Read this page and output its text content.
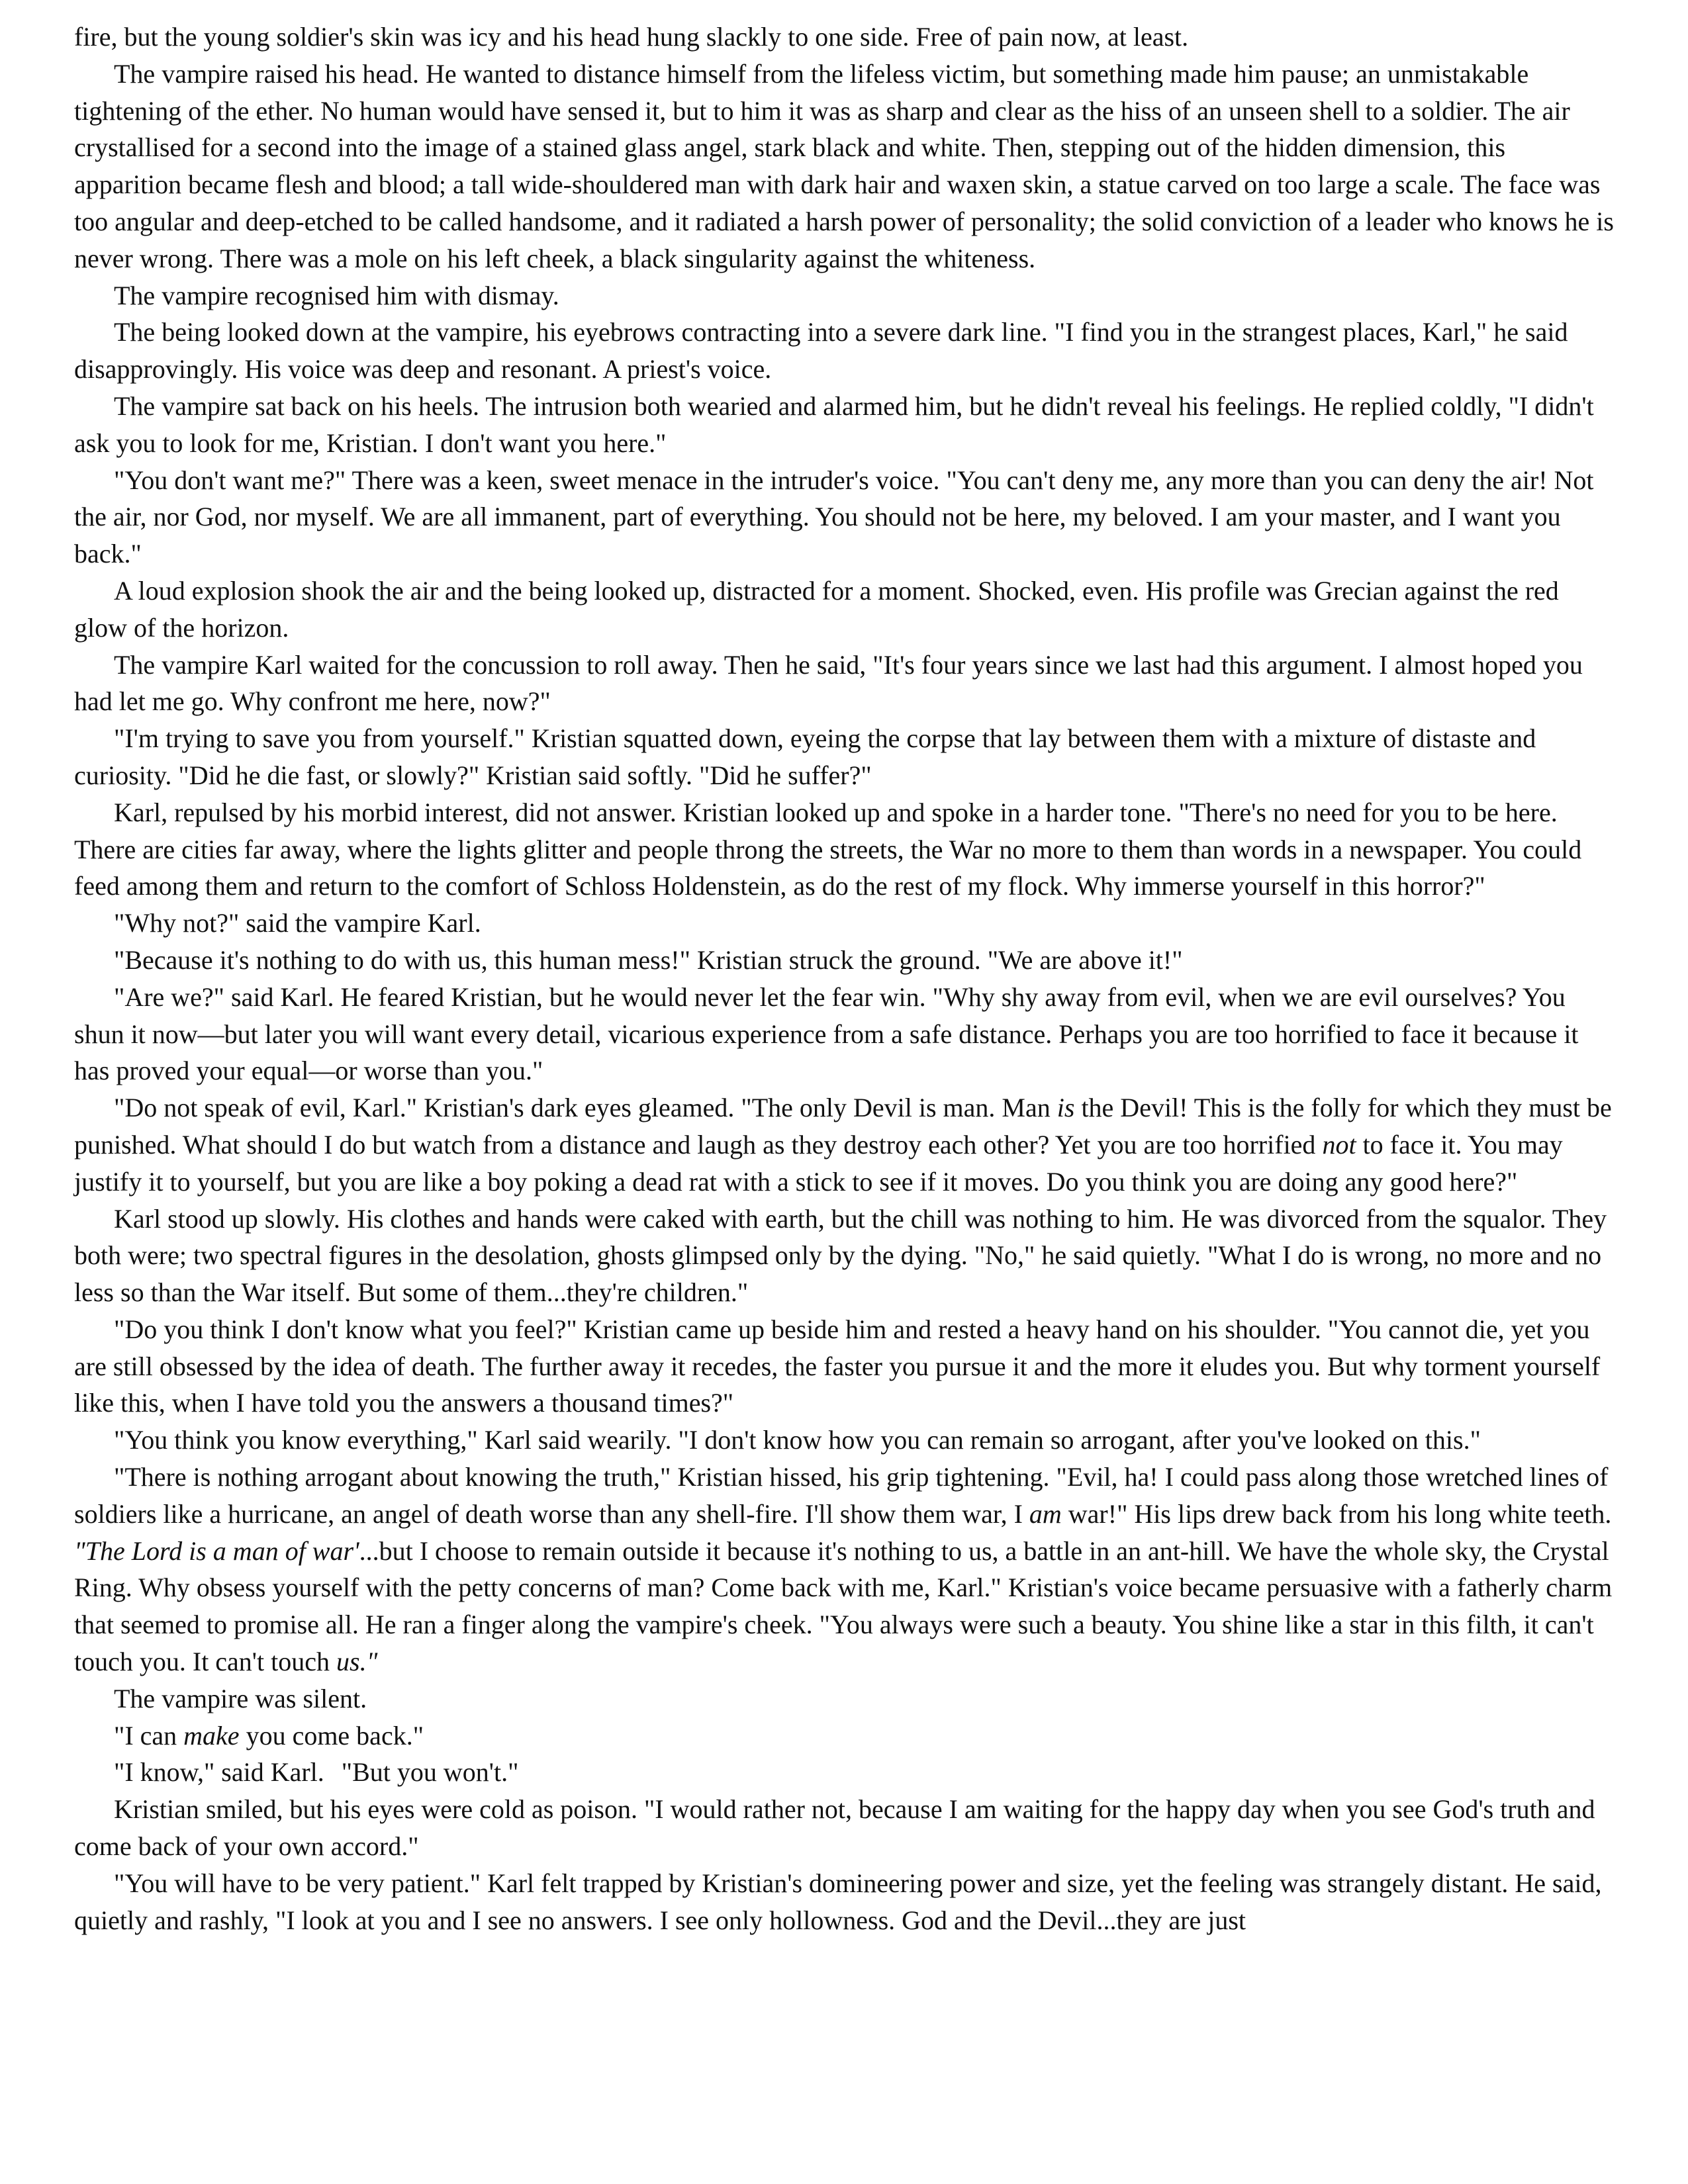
fire, but the young soldier's skin was icy and his head hung slackly to one side. Free of pain now, at least.

The vampire raised his head. He wanted to distance himself from the lifeless victim, but something made him pause; an unmistakable tightening of the ether. No human would have sensed it, but to him it was as sharp and clear as the hiss of an unseen shell to a soldier. The air crystallised for a second into the image of a stained glass angel, stark black and white. Then, stepping out of the hidden dimension, this apparition became flesh and blood; a tall wide-shouldered man with dark hair and waxen skin, a statue carved on too large a scale. The face was too angular and deep-etched to be called handsome, and it radiated a harsh power of personality; the solid conviction of a leader who knows he is never wrong. There was a mole on his left cheek, a black singularity against the whiteness.

The vampire recognised him with dismay.

The being looked down at the vampire, his eyebrows contracting into a severe dark line. "I find you in the strangest places, Karl," he said disapprovingly. His voice was deep and resonant. A priest's voice.

The vampire sat back on his heels. The intrusion both wearied and alarmed him, but he didn't reveal his feelings. He replied coldly, "I didn't ask you to look for me, Kristian. I don't want you here."

"You don't want me?" There was a keen, sweet menace in the intruder's voice. "You can't deny me, any more than you can deny the air! Not the air, nor God, nor myself. We are all immanent, part of everything. You should not be here, my beloved. I am your master, and I want you back."

A loud explosion shook the air and the being looked up, distracted for a moment. Shocked, even. His profile was Grecian against the red glow of the horizon.

The vampire Karl waited for the concussion to roll away. Then he said, "It's four years since we last had this argument. I almost hoped you had let me go. Why confront me here, now?"

"I'm trying to save you from yourself." Kristian squatted down, eyeing the corpse that lay between them with a mixture of distaste and curiosity. "Did he die fast, or slowly?" Kristian said softly. "Did he suffer?"

Karl, repulsed by his morbid interest, did not answer. Kristian looked up and spoke in a harder tone. "There's no need for you to be here. There are cities far away, where the lights glitter and people throng the streets, the War no more to them than words in a newspaper. You could feed among them and return to the comfort of Schloss Holdenstein, as do the rest of my flock. Why immerse yourself in this horror?"

"Why not?" said the vampire Karl.

"Because it's nothing to do with us, this human mess!" Kristian struck the ground. "We are above it!"

"Are we?" said Karl. He feared Kristian, but he would never let the fear win. "Why shy away from evil, when we are evil ourselves? You shun it now—but later you will want every detail, vicarious experience from a safe distance. Perhaps you are too horrified to face it because it has proved your equal—or worse than you."

"Do not speak of evil, Karl." Kristian's dark eyes gleamed. "The only Devil is man. Man is the Devil! This is the folly for which they must be punished. What should I do but watch from a distance and laugh as they destroy each other? Yet you are too horrified not to face it. You may justify it to yourself, but you are like a boy poking a dead rat with a stick to see if it moves. Do you think you are doing any good here?"

Karl stood up slowly. His clothes and hands were caked with earth, but the chill was nothing to him. He was divorced from the squalor. They both were; two spectral figures in the desolation, ghosts glimpsed only by the dying. "No," he said quietly. "What I do is wrong, no more and no less so than the War itself. But some of them...they're children."

"Do you think I don't know what you feel?" Kristian came up beside him and rested a heavy hand on his shoulder. "You cannot die, yet you are still obsessed by the idea of death. The further away it recedes, the faster you pursue it and the more it eludes you. But why torment yourself like this, when I have told you the answers a thousand times?"

"You think you know everything," Karl said wearily. "I don't know how you can remain so arrogant, after you've looked on this."

"There is nothing arrogant about knowing the truth," Kristian hissed, his grip tightening. "Evil, ha! I could pass along those wretched lines of soldiers like a hurricane, an angel of death worse than any shell-fire. I'll show them war, I am war!" His lips drew back from his long white teeth. "The Lord is a man of war'...but I choose to remain outside it because it's nothing to us, a battle in an ant-hill. We have the whole sky, the Crystal Ring. Why obsess yourself with the petty concerns of man? Come back with me, Karl." Kristian's voice became persuasive with a fatherly charm that seemed to promise all. He ran a finger along the vampire's cheek. "You always were such a beauty. You shine like a star in this filth, it can't touch you. It can't touch us."

The vampire was silent.

"I can make you come back."

"I know," said Karl. "But you won't."

Kristian smiled, but his eyes were cold as poison. "I would rather not, because I am waiting for the happy day when you see God's truth and come back of your own accord."

"You will have to be very patient." Karl felt trapped by Kristian's domineering power and size, yet the feeling was strangely distant. He said, quietly and rashly, "I look at you and I see no answers. I see only hollowness. God and the Devil...they are just
